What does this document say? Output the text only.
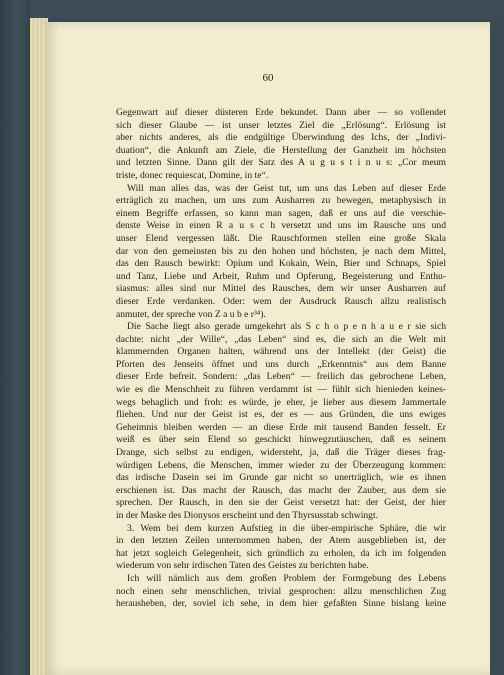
60
Gegenwart auf dieser düsteren Erde bekundet. Dann aber — so vollendet
sich dieser Glaube — ist unser letztes Ziel die „Erlösung“. Erlösung ist
aber nichts anderes, als die endgültige Überwindung des Ichs, der „Indivi-
duation“, die Ankunft am Ziele, die Herstellung der Ganzheit im höchsten
und letzten Sinne. Dann gilt der Satz des A u g u s t i n u s: „Cor meum
triste, donec requiescat, Domine, in te“.
Will man alles das, was der Geist tut, um uns das Leben auf dieser Erde
erträglich zu machen, um uns zum Ausharren zu bewegen, metaphysisch in
einem Begriffe erfassen, so kann man sagen, daß er uns auf die verschie-
denste Weise in einen R a u s c h versetzt und uns im Rausche uns und
unser Elend vergessen läßt. Die Rauschformen stellen eine große Skala
dar von den gemeinsten bis zu den hohen und höchsten, je nach dem Mittel,
das den Rausch bewirkt: Opium und Kokain, Wein, Bier und Schnaps, Spiel
und Tanz, Liebe und Arbeit, Ruhm und Opferung, Begeisterung und Enthu-
siasmus: alles sind nur Mittel des Rausches, dem wir unser Ausharren auf
dieser Erde verdanken. Oder: wem der Ausdruck Rausch allzu realistisch
anmutet, der spreche von Z a u b e r³⁴).
Die Sache liegt also gerade umgekehrt als S c h o p e n h a u e r sie sich
dachte: nicht „der Wille“, „das Leben“ sind es, die sich an die Welt mit
klammernden Organen halten, während uns der Intellekt (der Geist) die
Pforten des Jenseits öffnet und uns durch „Erkenntnis“ aus dem Banne
dieser Erde befreit. Sondern: „das Leben“ — freilich das gebrochene Leben,
wie es die Menschheit zu führen verdammt ist — fühlt sich hienieden keines-
wegs behaglich und froh: es würde, je eher, je lieber aus diesem Jammertale
fliehen. Und nur der Geist ist es, der es — aus Gründen, die uns ewiges
Geheimnis bleiben werden — an diese Erde mit tausend Banden fesselt. Er
weiß es über sein Elend so geschickt hinwegzutäuschen, daß es seinem
Drange, sich selbst zu endigen, widersteht, ja, daß die Träger dieses frag-
würdigen Lebens, die Menschen, immer wieder zu der Überzeugung kommen:
das irdische Dasein sei im Grunde gar nicht so unerträglich, wie es ihnen
erschienen ist. Das macht der Rausch, das macht der Zauber, aus dem sie
sprechen. Der Rausch, in den sie der Geist versetzt hat: der Geist, der hier
in der Maske des Dionysos erscheint und den Thyrsusstab schwingt.
3. Wem bei dem kurzen Aufstieg in die über-empirische Sphäre, die wir
in den letzten Zeilen unternommen haben, der Atem ausgeblieben ist, der
hat jetzt sogleich Gelegenheit, sich gründlich zu erholen, da ich im folgenden
wiederum von sehr irdischen Taten des Geistes zu berichten habe.
Ich will nämlich aus dem großen Problem der Formgebung des Lebens
noch einen sehr menschlichen, trivial gesprochen: allzu menschlichen Zug
herausheben, der, soviel ich sehe, in dem hier gefaßten Sinne bislang keine
